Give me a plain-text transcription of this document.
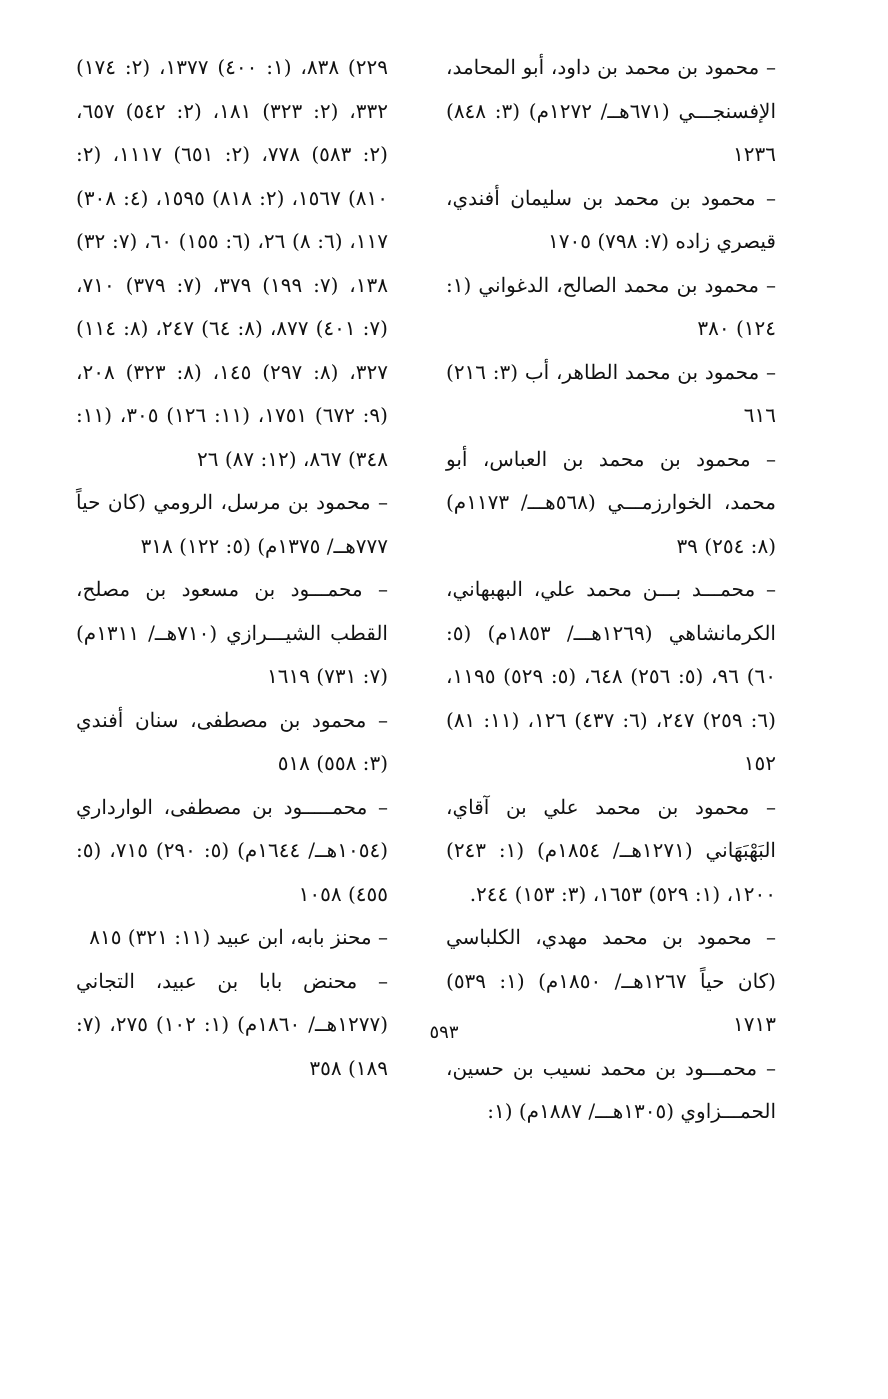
– محمود بن محمد بن داود، أبو المحامد، الإفسنجـــي (٦٧١هــ/ ١٢٧٢م) (٣: ٨٤٨) ١٢٣٦
– محمود بن محمد بن سليمان أفندي، قيصري زاده (٧: ٧٩٨) ١٧٠٥
– محمود بن محمد الصالح، الدغواني (١: ١٢٤) ٣٨٠
– محمود بن محمد الطاهر، أب (٣: ٢١٦) ٦١٦
– محمود بن محمد بن العباس، أبو محمد، الخوارزمـــي (٥٦٨هـــ/ ١١٧٣م) (٨: ٢٥٤) ٣٩
– محمـــد بـــن محمد علي، البهبهاني، الكرمانشاهي (١٢٦٩هـــ/ ١٨٥٣م) (٥: ٦٠) ٩٦، (٥: ٢٥٦) ٦٤٨، (٥: ٥٢٩) ١١٩٥، (٦: ٢٥٩) ٢٤٧، (٦: ٤٣٧) ١٢٦، (١١: ٨١) ١٥٢
– محمود بن محمد علي بن آقاي، البَهْبَهَاني (١٢٧١هــ/ ١٨٥٤م) (١: ٢٤٣) ١٢٠٠، (١: ٥٢٩) ١٦٥٣، (٣: ١٥٣) ٢٤٤.
– محمود بن محمد مهدي، الكلباسي (كان حياً ١٢٦٧هــ/ ١٨٥٠م) (١: ٥٣٩) ١٧١٣
– محمـــود بن محمد نسيب بن حسين، الحمـــزاوي (١٣٠٥هـــ/ ١٨٨٧م) (١:
٢٢٩) ٨٣٨، (١: ٤٠٠) ١٣٧٧، (٢: ١٧٤) ٣٣٢، (٢: ٣٢٣) ١٨١، (٢: ٥٤٢) ٦٥٧، (٢: ٥٨٣) ٧٧٨، (٢: ٦٥١) ١١١٧، (٢: ٨١٠) ١٥٦٧، (٢: ٨١٨) ١٥٩٥، (٤: ٣٠٨) ١١٧، (٦: ٨) ٢٦، (٦: ١٥٥) ٦٠، (٧: ٣٢) ١٣٨، (٧: ١٩٩) ٣٧٩، (٧: ٣٧٩) ٧١٠، (٧: ٤٠١) ٨٧٧، (٨: ٦٤) ٢٤٧، (٨: ١١٤) ٣٢٧، (٨: ٢٩٧) ١٤٥، (٨: ٣٢٣) ٢٠٨، (٩: ٦٧٢) ١٧٥١، (١١: ١٢٦) ٣٠٥، (١١: ٣٤٨) ٨٦٧، (١٢: ٨٧) ٢٦
– محمود بن مرسل، الرومي (كان حياً ٧٧٧هــ/ ١٣٧٥م) (٥: ١٢٢) ٣١٨
– محمـــود بن مسعود بن مصلح، القطب الشيـــرازي (٧١٠هــ/ ١٣١١م) (٧: ٧٣١) ١٦١٩
– محمود بن مصطفى، سنان أفندي (٣: ٥٥٨) ٥١٨
– محمـــــود بن مصطفى، الوارداري (١٠٥٤هــ/ ١٦٤٤م) (٥: ٢٩٠) ٧١٥، (٥: ٤٥٥) ١٠٥٨
– محنز بابه، ابن عبيد (١١: ٣٢١) ٨١٥
– محنض بابا بن عبيد، التجاني (١٢٧٧هــ/ ١٨٦٠م) (١: ١٠٢) ٢٧٥، (٧: ١٨٩) ٣٥٨
٥٩٣
